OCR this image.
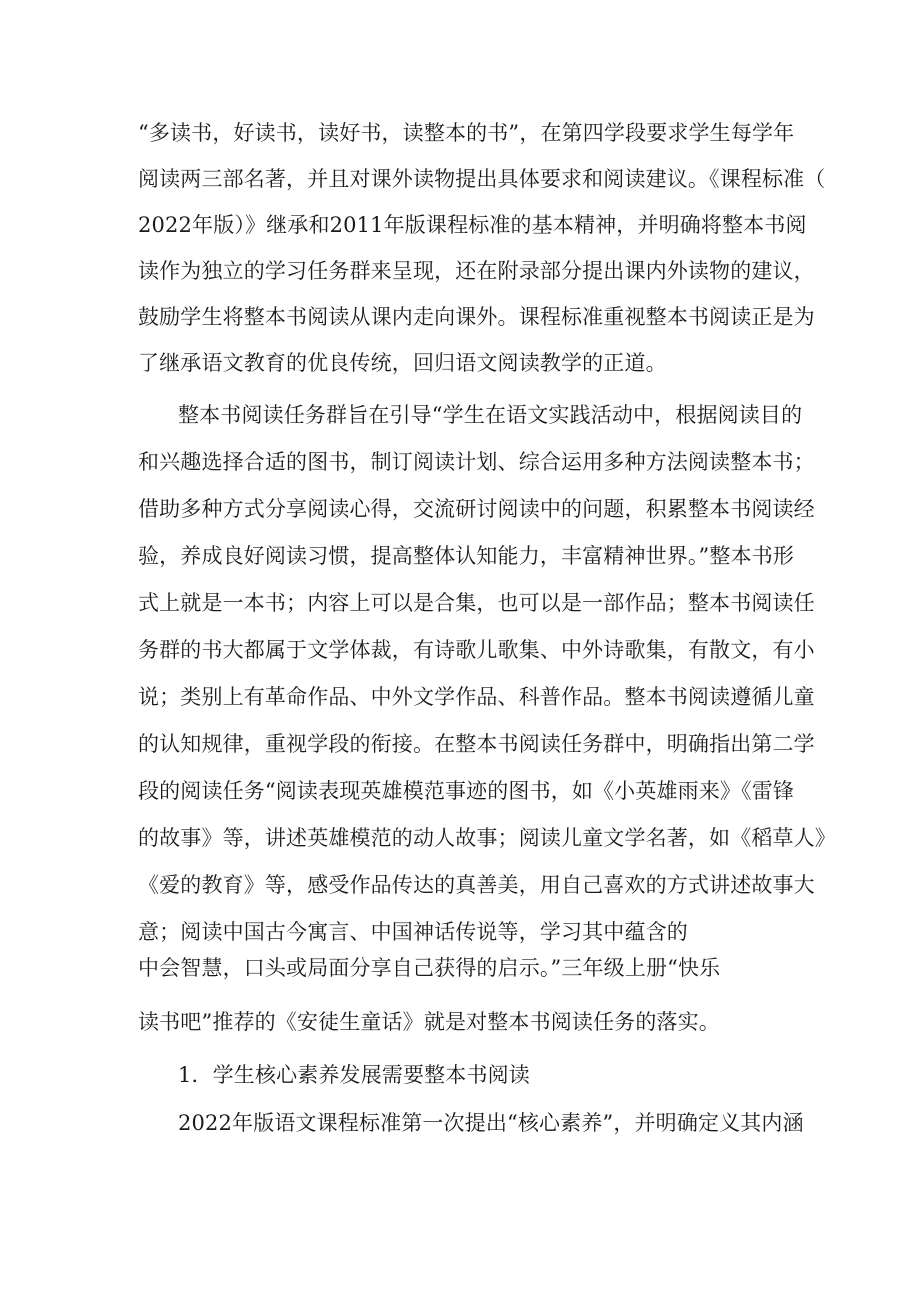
“多读书，好读书，读好书，读整本的书”，在第四学段要求学生每学年

阅读两三部名著，并且对课外读物提出具体要求和阅读建议。《课程标准（

2022年版）》继承和2011年版课程标准的基本精神，并明确将整本书阅

读作为独立的学习任务群来呈现，还在附录部分提出课内外读物的建议，

鼓励学生将整本书阅读从课内走向课外。课程标准重视整本书阅读正是为

了继承语文教育的优良传统，回归语文阅读教学的正道。

整本书阅读任务群旨在引导“学生在语文实践活动中，根据阅读目的

和兴趣选择合适的图书，制订阅读计划、综合运用多种方法阅读整本书；

借助多种方式分享阅读心得，交流研讨阅读中的问题，积累整本书阅读经

验，养成良好阅读习惯，提高整体认知能力，丰富精神世界。”整本书形

式上就是一本书；内容上可以是合集，也可以是一部作品；整本书阅读任

务群的书大都属于文学体裁，有诗歌儿歌集、中外诗歌集，有散文，有小

说；类别上有革命作品、中外文学作品、科普作品。整本书阅读遵循儿童

的认知规律，重视学段的衔接。在整本书阅读任务群中，明确指出第二学

段的阅读任务“阅读表现英雄模范事迹的图书，如《小英雄雨来》《雷锋

的故事》等，讲述英雄模范的动人故事；阅读儿童文学名著，如《稻草人》

《爱的教育》等，感受作品传达的真善美，用自己喜欢的方式讲述故事大

意；阅读中国古今寓言、中国神话传说等，学习其中蕴含的

中会智慧，口头或局面分享自己获得的启示。”三年级上册“快乐

读书吧”推荐的《安徒生童话》就是对整本书阅读任务的落实。

1．学生核心素养发展需要整本书阅读

2022年版语文课程标准第一次提出“核心素养”，并明确定义其内涵
